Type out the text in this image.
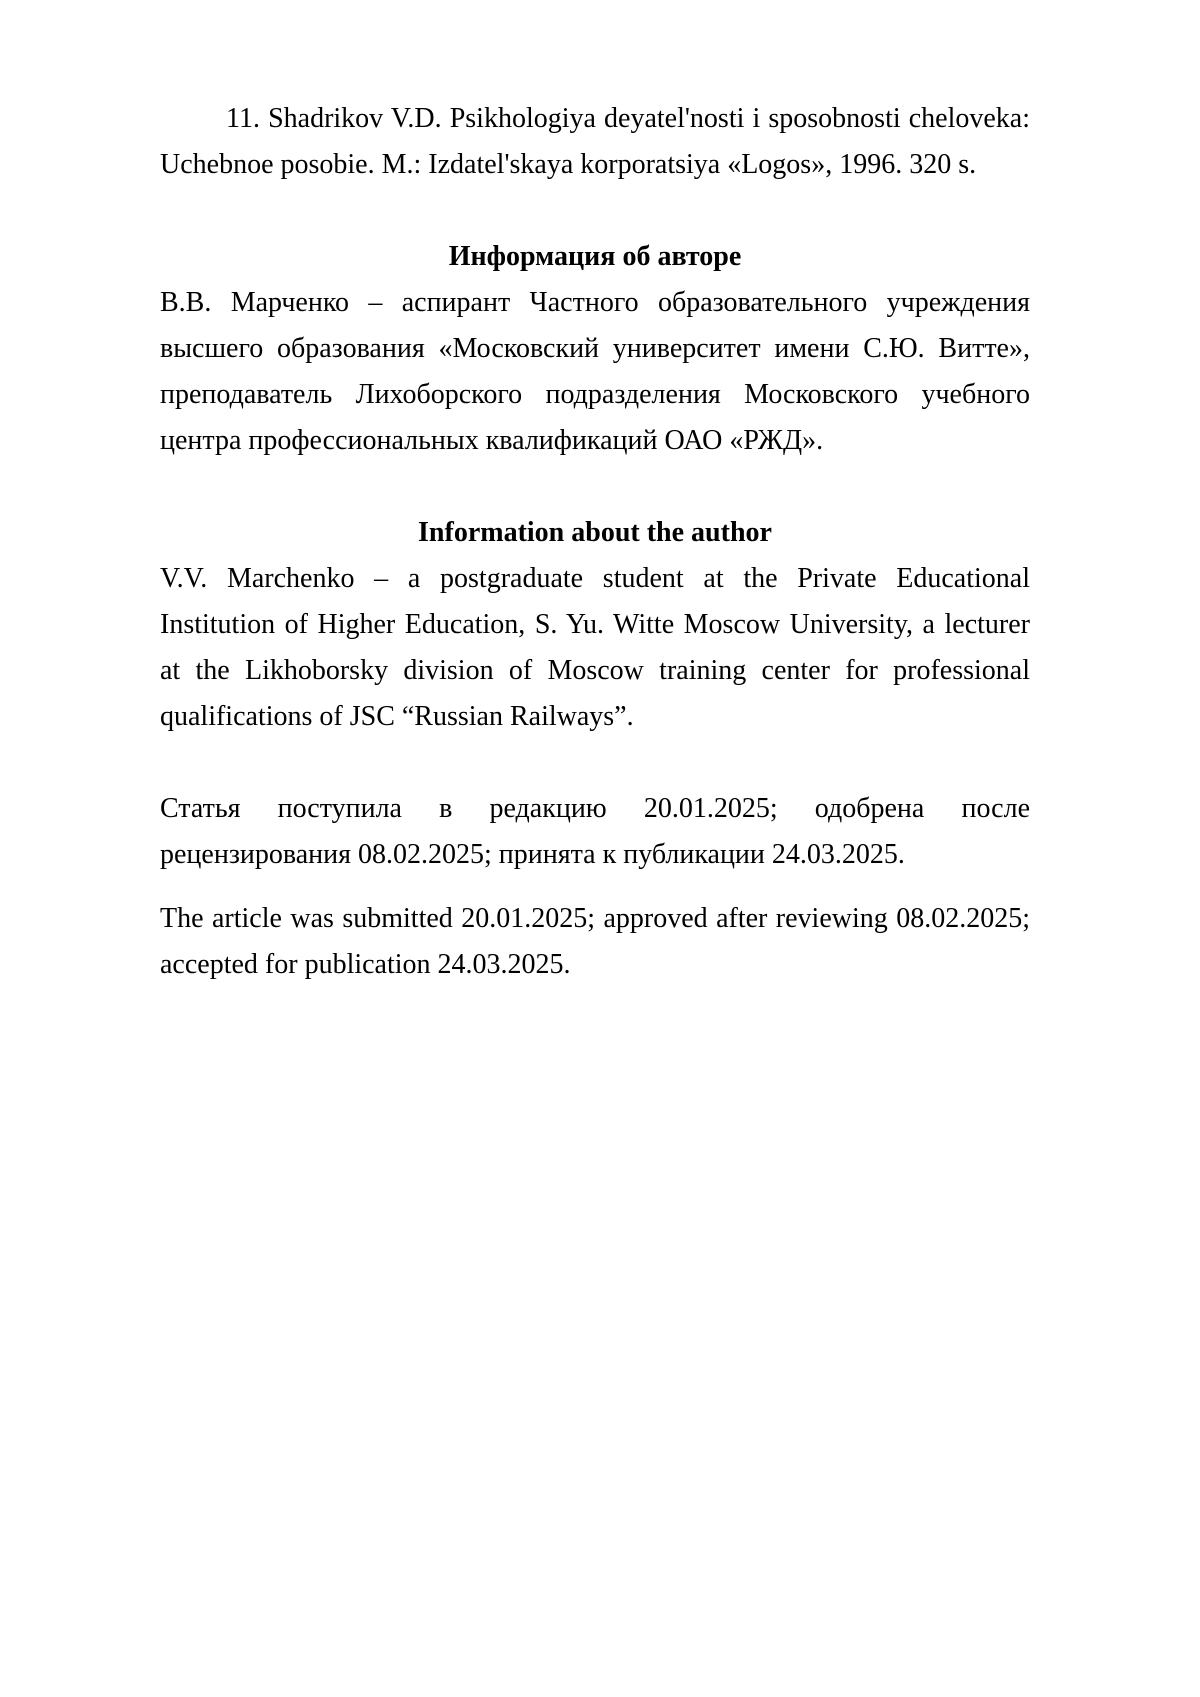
11. Shadrikov V.D. Psikhologiya deyatel'nosti i sposobnosti cheloveka: Uchebnoe posobie. M.: Izdatel'skaya korporatsiya «Logos», 1996. 320 s.

Информация об авторе

В.В. Марченко – аспирант Частного образовательного учреждения высшего образования «Московский университет имени С.Ю. Витте», преподаватель Лихоборского подразделения Московского учебного центра профессиональных квалификаций ОАО «РЖД».

Information about the author

V.V. Marchenko – a postgraduate student at the Private Educational Institution of Higher Education, S. Yu. Witte Moscow University, a lecturer at the Likhoborsky division of Moscow training center for professional qualifications of JSC “Russian Railways”.

Статья поступила в редакцию 20.01.2025; одобрена после рецензирования 08.02.2025; принята к публикации 24.03.2025.

The article was submitted 20.01.2025; approved after reviewing 08.02.2025; accepted for publication 24.03.2025.
